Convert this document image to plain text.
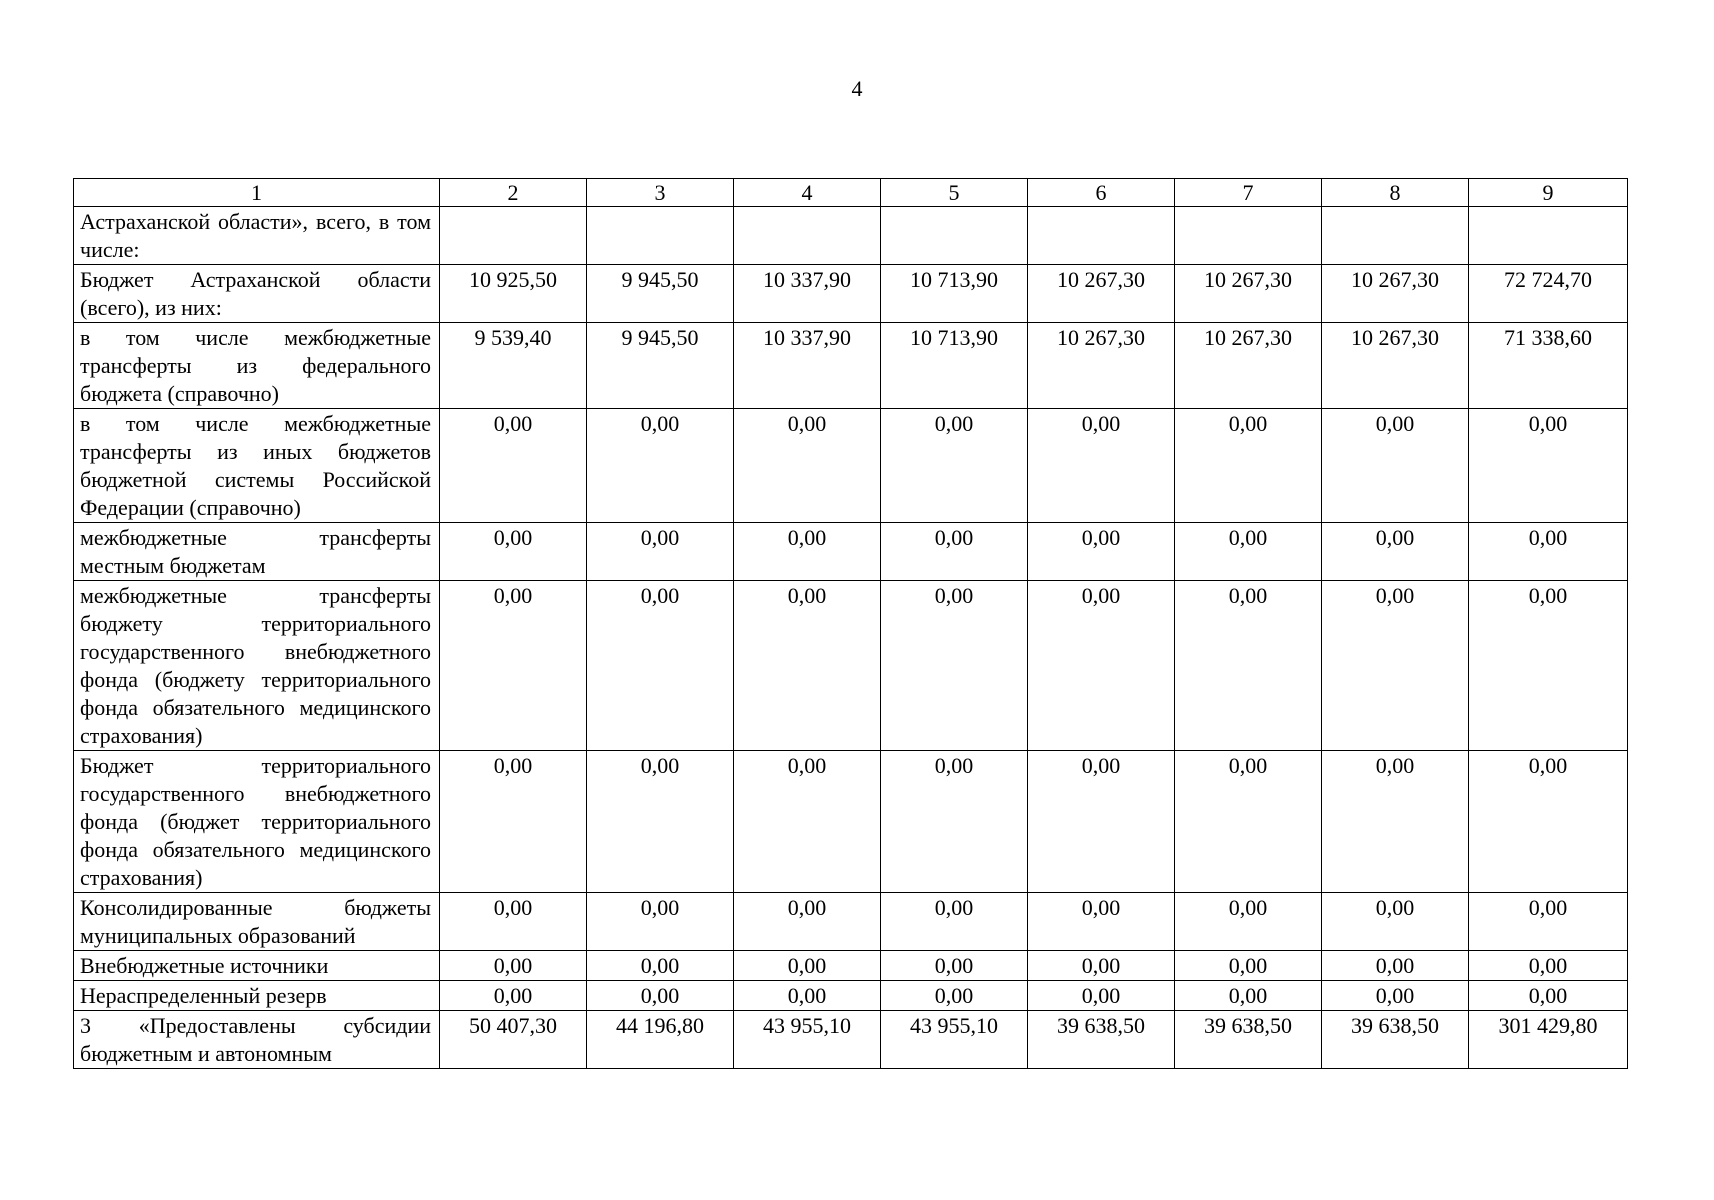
4
1	2	3	4	5	6	7	8	9
Астраханской области», всего, в том числе:								
Бюджет Астраханской области (всего), из них:	10 925,50	9 945,50	10 337,90	10 713,90	10 267,30	10 267,30	10 267,30	72 724,70
в том числе межбюджетные трансферты из федерального бюджета (справочно)	9 539,40	9 945,50	10 337,90	10 713,90	10 267,30	10 267,30	10 267,30	71 338,60
в том числе межбюджетные трансферты из иных бюджетов бюджетной системы Российской Федерации (справочно)	0,00	0,00	0,00	0,00	0,00	0,00	0,00	0,00
межбюджетные трансферты местным бюджетам	0,00	0,00	0,00	0,00	0,00	0,00	0,00	0,00
межбюджетные трансферты бюджету территориального государственного внебюджетного фонда (бюджету территориального фонда обязательного медицинского страхования)	0,00	0,00	0,00	0,00	0,00	0,00	0,00	0,00
Бюджет территориального государственного внебюджетного фонда (бюджет территориального фонда обязательного медицинского страхования)	0,00	0,00	0,00	0,00	0,00	0,00	0,00	0,00
Консолидированные бюджеты муниципальных образований	0,00	0,00	0,00	0,00	0,00	0,00	0,00	0,00
Внебюджетные источники	0,00	0,00	0,00	0,00	0,00	0,00	0,00	0,00
Нераспределенный резерв	0,00	0,00	0,00	0,00	0,00	0,00	0,00	0,00
3 «Предоставлены субсидии бюджетным и автономным	50 407,30	44 196,80	43 955,10	43 955,10	39 638,50	39 638,50	39 638,50	301 429,80
